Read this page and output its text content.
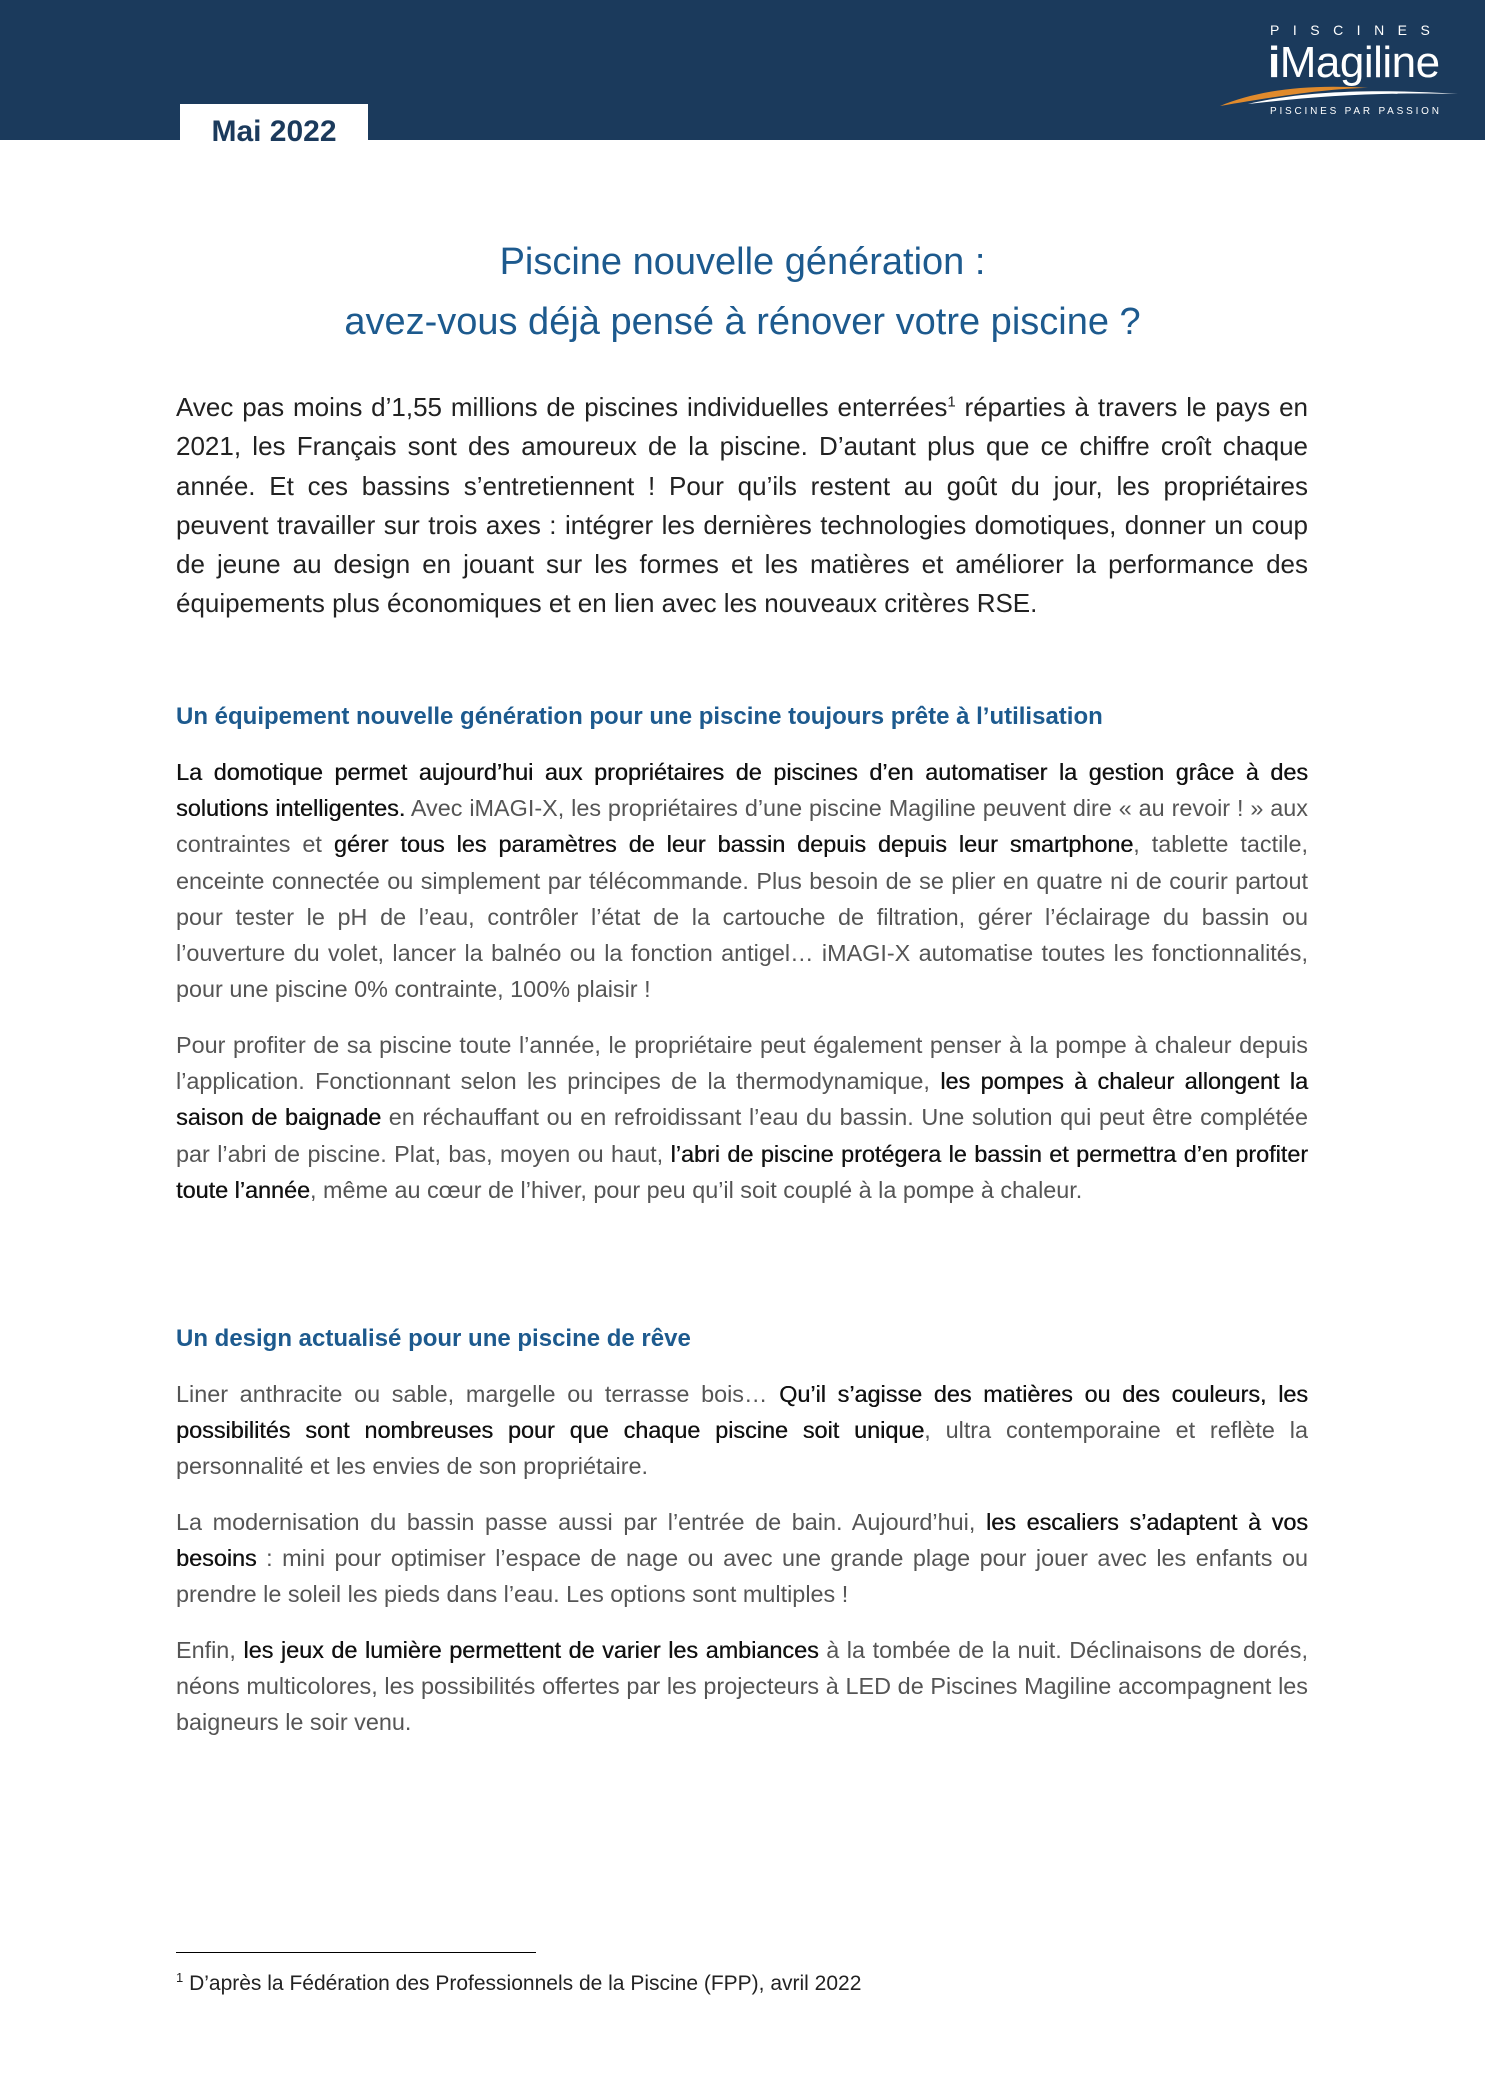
Mai 2022
PISCINES
iMagiline
PISCINES PAR PASSION
Piscine nouvelle génération :
avez-vous déjà pensé à rénover votre piscine ?

Avec pas moins d’1,55 millions de piscines individuelles enterrées$^1$ réparties à travers le pays en 2021, les Français sont des amoureux de la piscine. D’autant plus que ce chiffre croît chaque année. Et ces bassins s’entretiennent ! Pour qu’ils restent au goût du jour, les propriétaires peuvent travailler sur trois axes : intégrer les dernières technologies domotiques, donner un coup de jeune au design en jouant sur les formes et les matières et améliorer la performance des équipements plus économiques et en lien avec les nouveaux critères RSE.

Un équipement nouvelle génération pour une piscine toujours prête à l’utilisation

La domotique permet aujourd’hui aux propriétaires de piscines d’en automatiser la gestion grâce à des solutions intelligentes. Avec iMAGI-X, les propriétaires d’une piscine Magiline peuvent dire « au revoir ! » aux contraintes et gérer tous les paramètres de leur bassin depuis depuis leur smartphone, tablette tactile, enceinte connectée ou simplement par télécommande. Plus besoin de se plier en quatre ni de courir partout pour tester le pH de l’eau, contrôler l’état de la cartouche de filtration, gérer l’éclairage du bassin ou l’ouverture du volet, lancer la balnéo ou la fonction antigel… iMAGI-X automatise toutes les fonctionnalités, pour une piscine 0% contrainte, 100% plaisir !

Pour profiter de sa piscine toute l’année, le propriétaire peut également penser à la pompe à chaleur depuis l’application. Fonctionnant selon les principes de la thermodynamique, les pompes à chaleur allongent la saison de baignade en réchauffant ou en refroidissant l’eau du bassin. Une solution qui peut être complétée par l’abri de piscine. Plat, bas, moyen ou haut, l’abri de piscine protégera le bassin et permettra d’en profiter toute l’année, même au cœur de l’hiver, pour peu qu’il soit couplé à la pompe à chaleur.

Un design actualisé pour une piscine de rêve

Liner anthracite ou sable, margelle ou terrasse bois… Qu’il s’agisse des matières ou des couleurs, les possibilités sont nombreuses pour que chaque piscine soit unique, ultra contemporaine et reflète la personnalité et les envies de son propriétaire.

La modernisation du bassin passe aussi par l’entrée de bain. Aujourd’hui, les escaliers s’adaptent à vos besoins : mini pour optimiser l’espace de nage ou avec une grande plage pour jouer avec les enfants ou prendre le soleil les pieds dans l’eau. Les options sont multiples !

Enfin, les jeux de lumière permettent de varier les ambiances à la tombée de la nuit. Déclinaisons de dorés, néons multicolores, les possibilités offertes par les projecteurs à LED de Piscines Magiline accompagnent les baigneurs le soir venu.

$^1$ D’après la Fédération des Professionnels de la Piscine (FPP), avril 2022
